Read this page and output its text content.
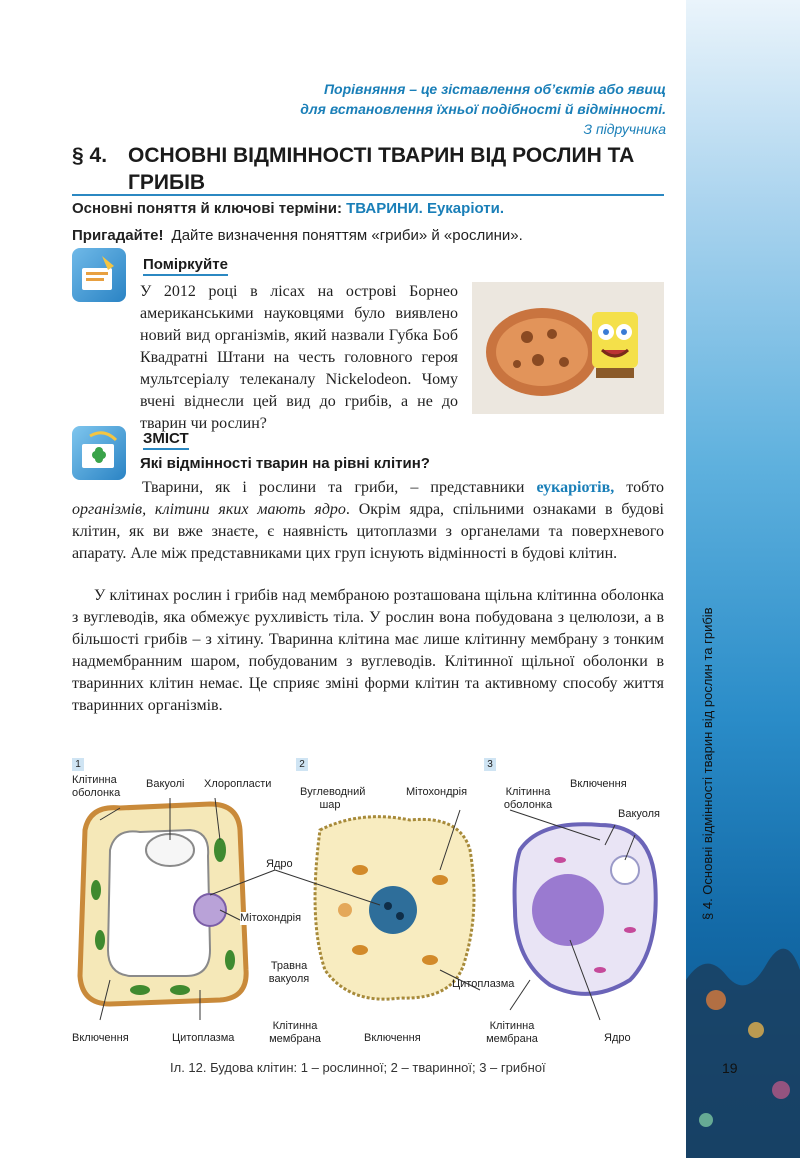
§ 4. Основні відмінності тварин від рослин та грибів
19
Порівняння – це зіставлення об’єктів або явищ
для встановлення їхньої подібності й відмінності.
З підручника
§ 4. ОСНОВНІ ВІДМІННОСТІ ТВАРИН ВІД РОСЛИН ТА
ГРИБІВ
Основні поняття й ключові терміни: ТВАРИНИ. Еукаріоти.
Пригадайте! Дайте визначення поняттям «гриби» й «рослини».
Поміркуйте

У 2012 році в лісах на острові Борнео американськими науковцями було виявлено новий вид організмів, який назвали Губка Боб Квадратні Штани на честь головного героя мультсеріалу телеканалу Nickelodeon. Чому вчені віднесли цей вид до грибів, а не до тварин чи рослин?

ЗМІСТ
Які відмінності тварин на рівні клітин?

Тварини, як і рослини та гриби, – представники еукаріотів, тобто організмів, клітини яких мають ядро. Окрім ядра, спільними ознаками в будові клітин, як ви вже знаєте, є наявність цитоплазми з органелами та поверхневого апарату. Але між представниками цих груп існують відмінності в будові клітин.

У клітинах рослин і грибів над мембраною розташована щільна клітинна оболонка з вуглеводів, яка обмежує рухливість тіла. У рослин вона побудована з целюлози, а в більшості грибів – з хітину. Тваринна клітина має лише клітинну мембрану з тонким надмембранним шаром, побудованим з вуглеводів. Клітинної щільної оболонки в тваринних клітин немає. Це сприяє зміні форми клітин та активному способу життя тваринних організмів.

1	2	3
Клітинна оболонка
Вакуолі Хлоропласти
Ядро
Мітохондрія
Включення	Цитоплазма
Вуглеводний шар
Мітохондрія
Травна вакуоля
Клітинна мембрана	Включення
Цитоплазма
Клітинна оболонка
Включення
Вакуоля
Клітинна мембрана	Ядро
Іл. 12. Будова клітин: 1 – рослинної; 2 – тваринної; 3 – грибної
